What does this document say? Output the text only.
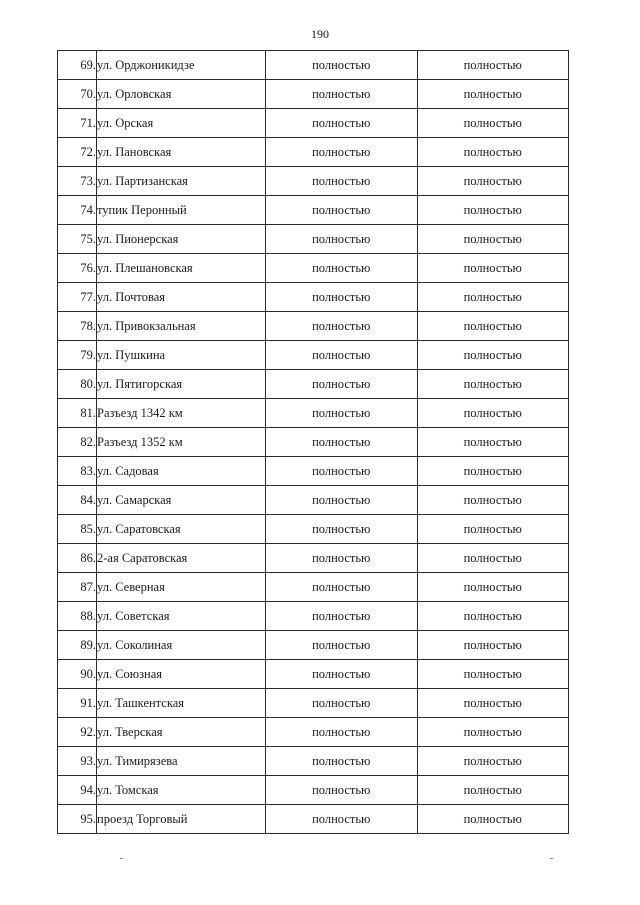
190
69.	ул. Орджоникидзе	полностью	полностью
70.	ул. Орловская	полностью	полностью
71.	ул. Орская	полностью	полностью
72.	ул. Пановская	полностью	полностью
73.	ул. Партизанская	полностью	полностью
74.	тупик Перонный	полностью	полностью
75.	ул. Пионерская	полностью	полностью
76.	ул. Плешановская	полностью	полностью
77.	ул. Почтовая	полностью	полностью
78.	ул. Привокзальная	полностью	полностью
79.	ул. Пушкина	полностью	полностью
80.	ул. Пятигорская	полностью	полностью
81.	Разъезд 1342 км	полностью	полностью
82.	Разъезд 1352 км	полностью	полностью
83.	ул. Садовая	полностью	полностью
84.	ул. Самарская	полностью	полностью
85.	ул. Саратовская	полностью	полностью
86.	2-ая Саратовская	полностью	полностью
87.	ул. Северная	полностью	полностью
88.	ул. Советская	полностью	полностью
89.	ул. Соколиная	полностью	полностью
90.	ул. Союзная	полностью	полностью
91.	ул. Ташкентская	полностью	полностью
92.	ул. Тверская	полностью	полностью
93.	ул. Тимирязева	полностью	полностью
94.	ул. Томская	полностью	полностью
95.	проезд Торговый	полностью	полностью
